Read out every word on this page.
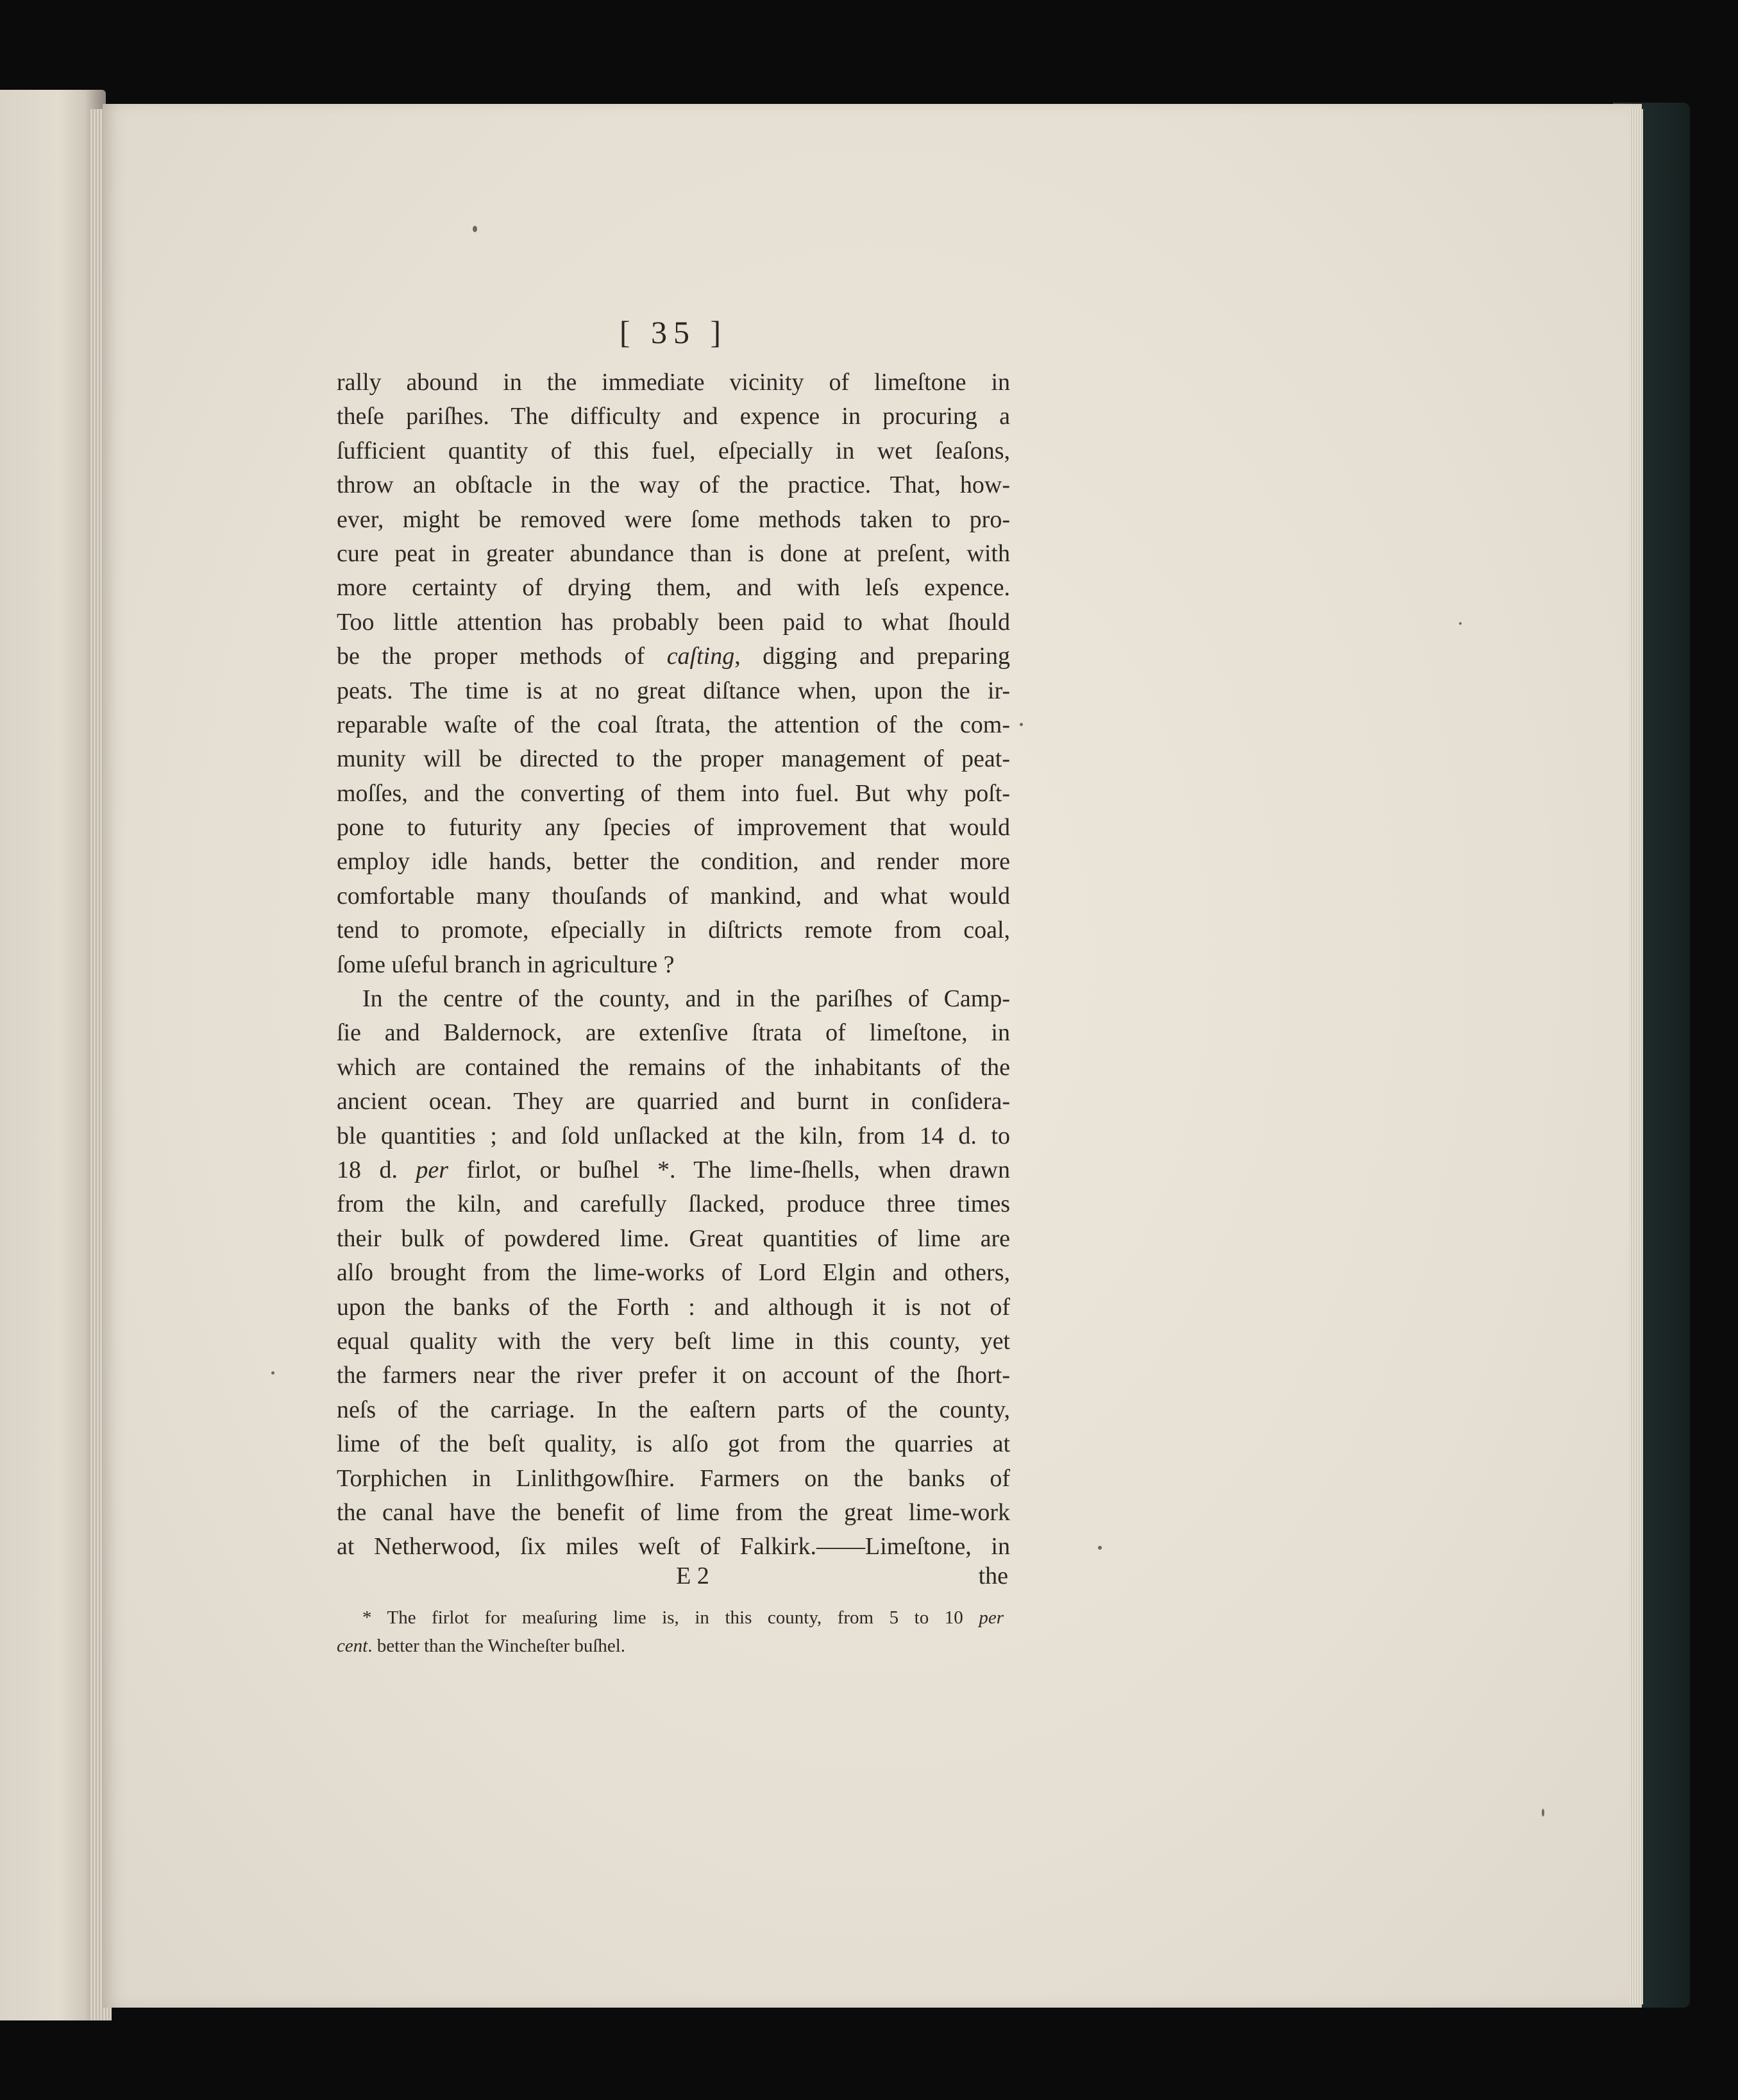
[ 35 ]
rally abound in the immediate vicinity of limeſtone in
theſe pariſhes. The difficulty and expence in procuring a
ſufficient quantity of this fuel, eſpecially in wet ſeaſons,
throw an obſtacle in the way of the practice. That, how-
ever, might be removed were ſome methods taken to pro-
cure peat in greater abundance than is done at preſent, with
more certainty of drying them, and with leſs expence.
Too little attention has probably been paid to what ſhould
be the proper methods of caſting, digging and preparing
peats. The time is at no great diſtance when, upon the ir-
reparable waſte of the coal ſtrata, the attention of the com-
munity will be directed to the proper management of peat-
moſſes, and the converting of them into fuel. But why poſt-
pone to futurity any ſpecies of improvement that would
employ idle hands, better the condition, and render more
comfortable many thouſands of mankind, and what would
tend to promote, eſpecially in diſtricts remote from coal,
ſome uſeful branch in agriculture ?
In the centre of the county, and in the pariſhes of Camp-
ſie and Baldernock, are extenſive ſtrata of limeſtone, in
which are contained the remains of the inhabitants of the
ancient ocean. They are quarried and burnt in conſidera-
ble quantities ; and ſold unſlacked at the kiln, from 14 d. to
18 d. per firlot, or buſhel *. The lime-ſhells, when drawn
from the kiln, and carefully ſlacked, produce three times
their bulk of powdered lime. Great quantities of lime are
alſo brought from the lime-works of Lord Elgin and others,
upon the banks of the Forth : and although it is not of
equal quality with the very beſt lime in this county, yet
the farmers near the river prefer it on account of the ſhort-
neſs of the carriage. In the eaſtern parts of the county,
lime of the beſt quality, is alſo got from the quarries at
Torphichen in Linlithgowſhire. Farmers on the banks of
the canal have the benefit of lime from the great lime-work
at Netherwood, ſix miles weſt of Falkirk.——Limeſtone, in
E 2	the
* The firlot for meaſuring lime is, in this county, from 5 to 10 per
cent. better than the Wincheſter buſhel.
